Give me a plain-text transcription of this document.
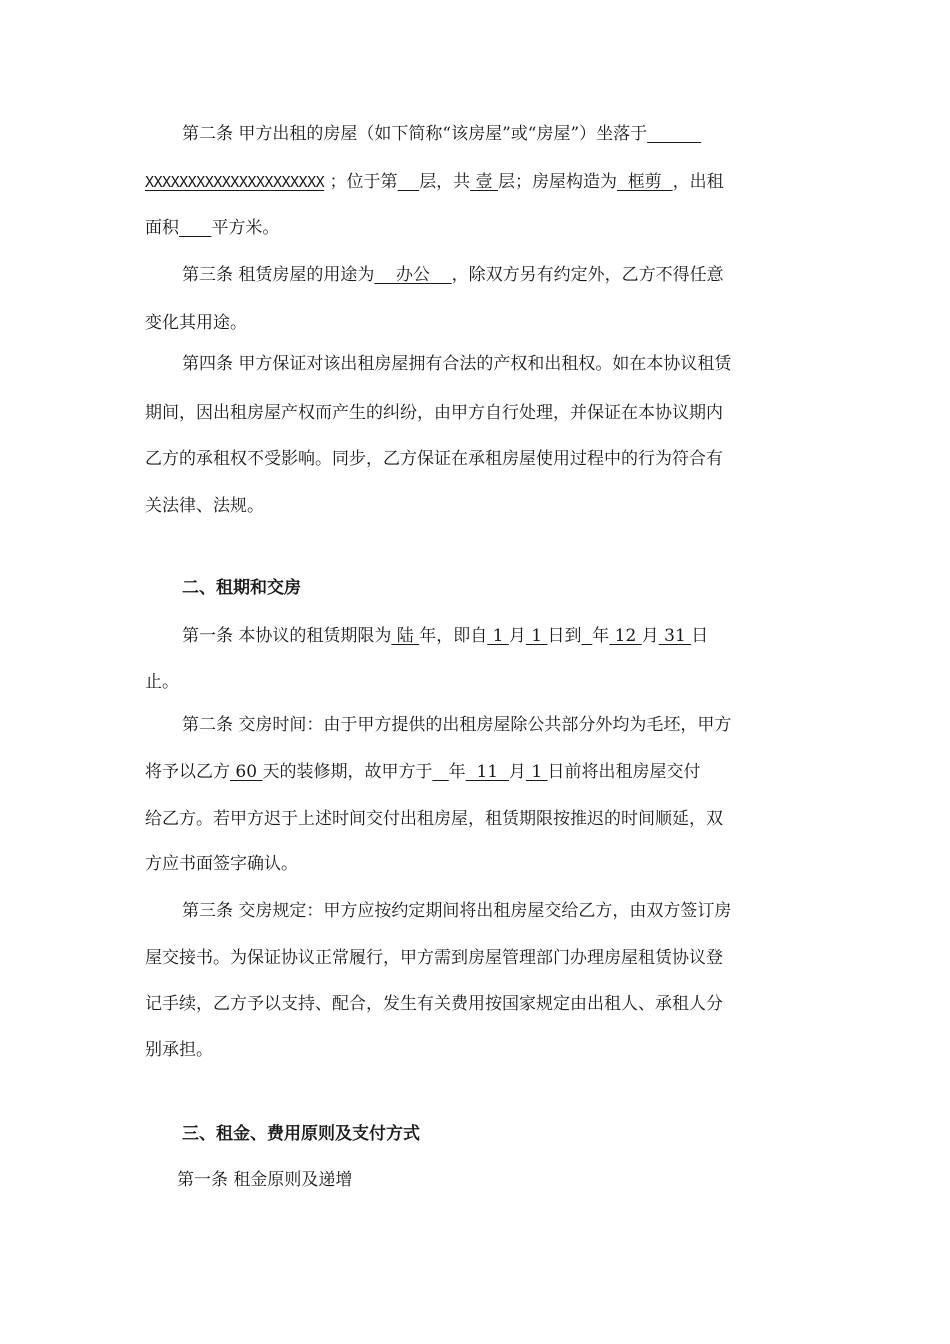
第二条 甲方出租的房屋（如下简称“该房屋”或“房屋”）坐落于
XXXXXXXXXXXXXXXXXXXXX ；位于第 层，共 壹 层；房屋构造为  框剪  ，出租
面积 平方米。
第三条 租赁房屋的用途为    办公    ，除双方另有约定外，乙方不得任意
变化其用途。
第四条 甲方保证对该出租房屋拥有合法的产权和出租权。如在本协议租赁
期间，因出租房屋产权而产生的纠纷，由甲方自行处理，并保证在本协议期内
乙方的承租权不受影响。同步，乙方保证在承租房屋使用过程中的行为符合有
关法律、法规。
二、租期和交房
第一条 本协议的租赁期限为 陆 年，即自 1 月 1 日到 年 12 月 31 日
止。
第二条 交房时间：由于甲方提供的出租房屋除公共部分外均为毛坯，甲方
将予以乙方 60 天的装修期，故甲方于 年  11  月 1 日前将出租房屋交付
给乙方。若甲方迟于上述时间交付出租房屋，租赁期限按推迟的时间顺延，双
方应书面签字确认。
第三条 交房规定：甲方应按约定期间将出租房屋交给乙方，由双方签订房
屋交接书。为保证协议正常履行，甲方需到房屋管理部门办理房屋租赁协议登
记手续，乙方予以支持、配合，发生有关费用按国家规定由出租人、承租人分
别承担。
三、租金、费用原则及支付方式
第一条 租金原则及递增
